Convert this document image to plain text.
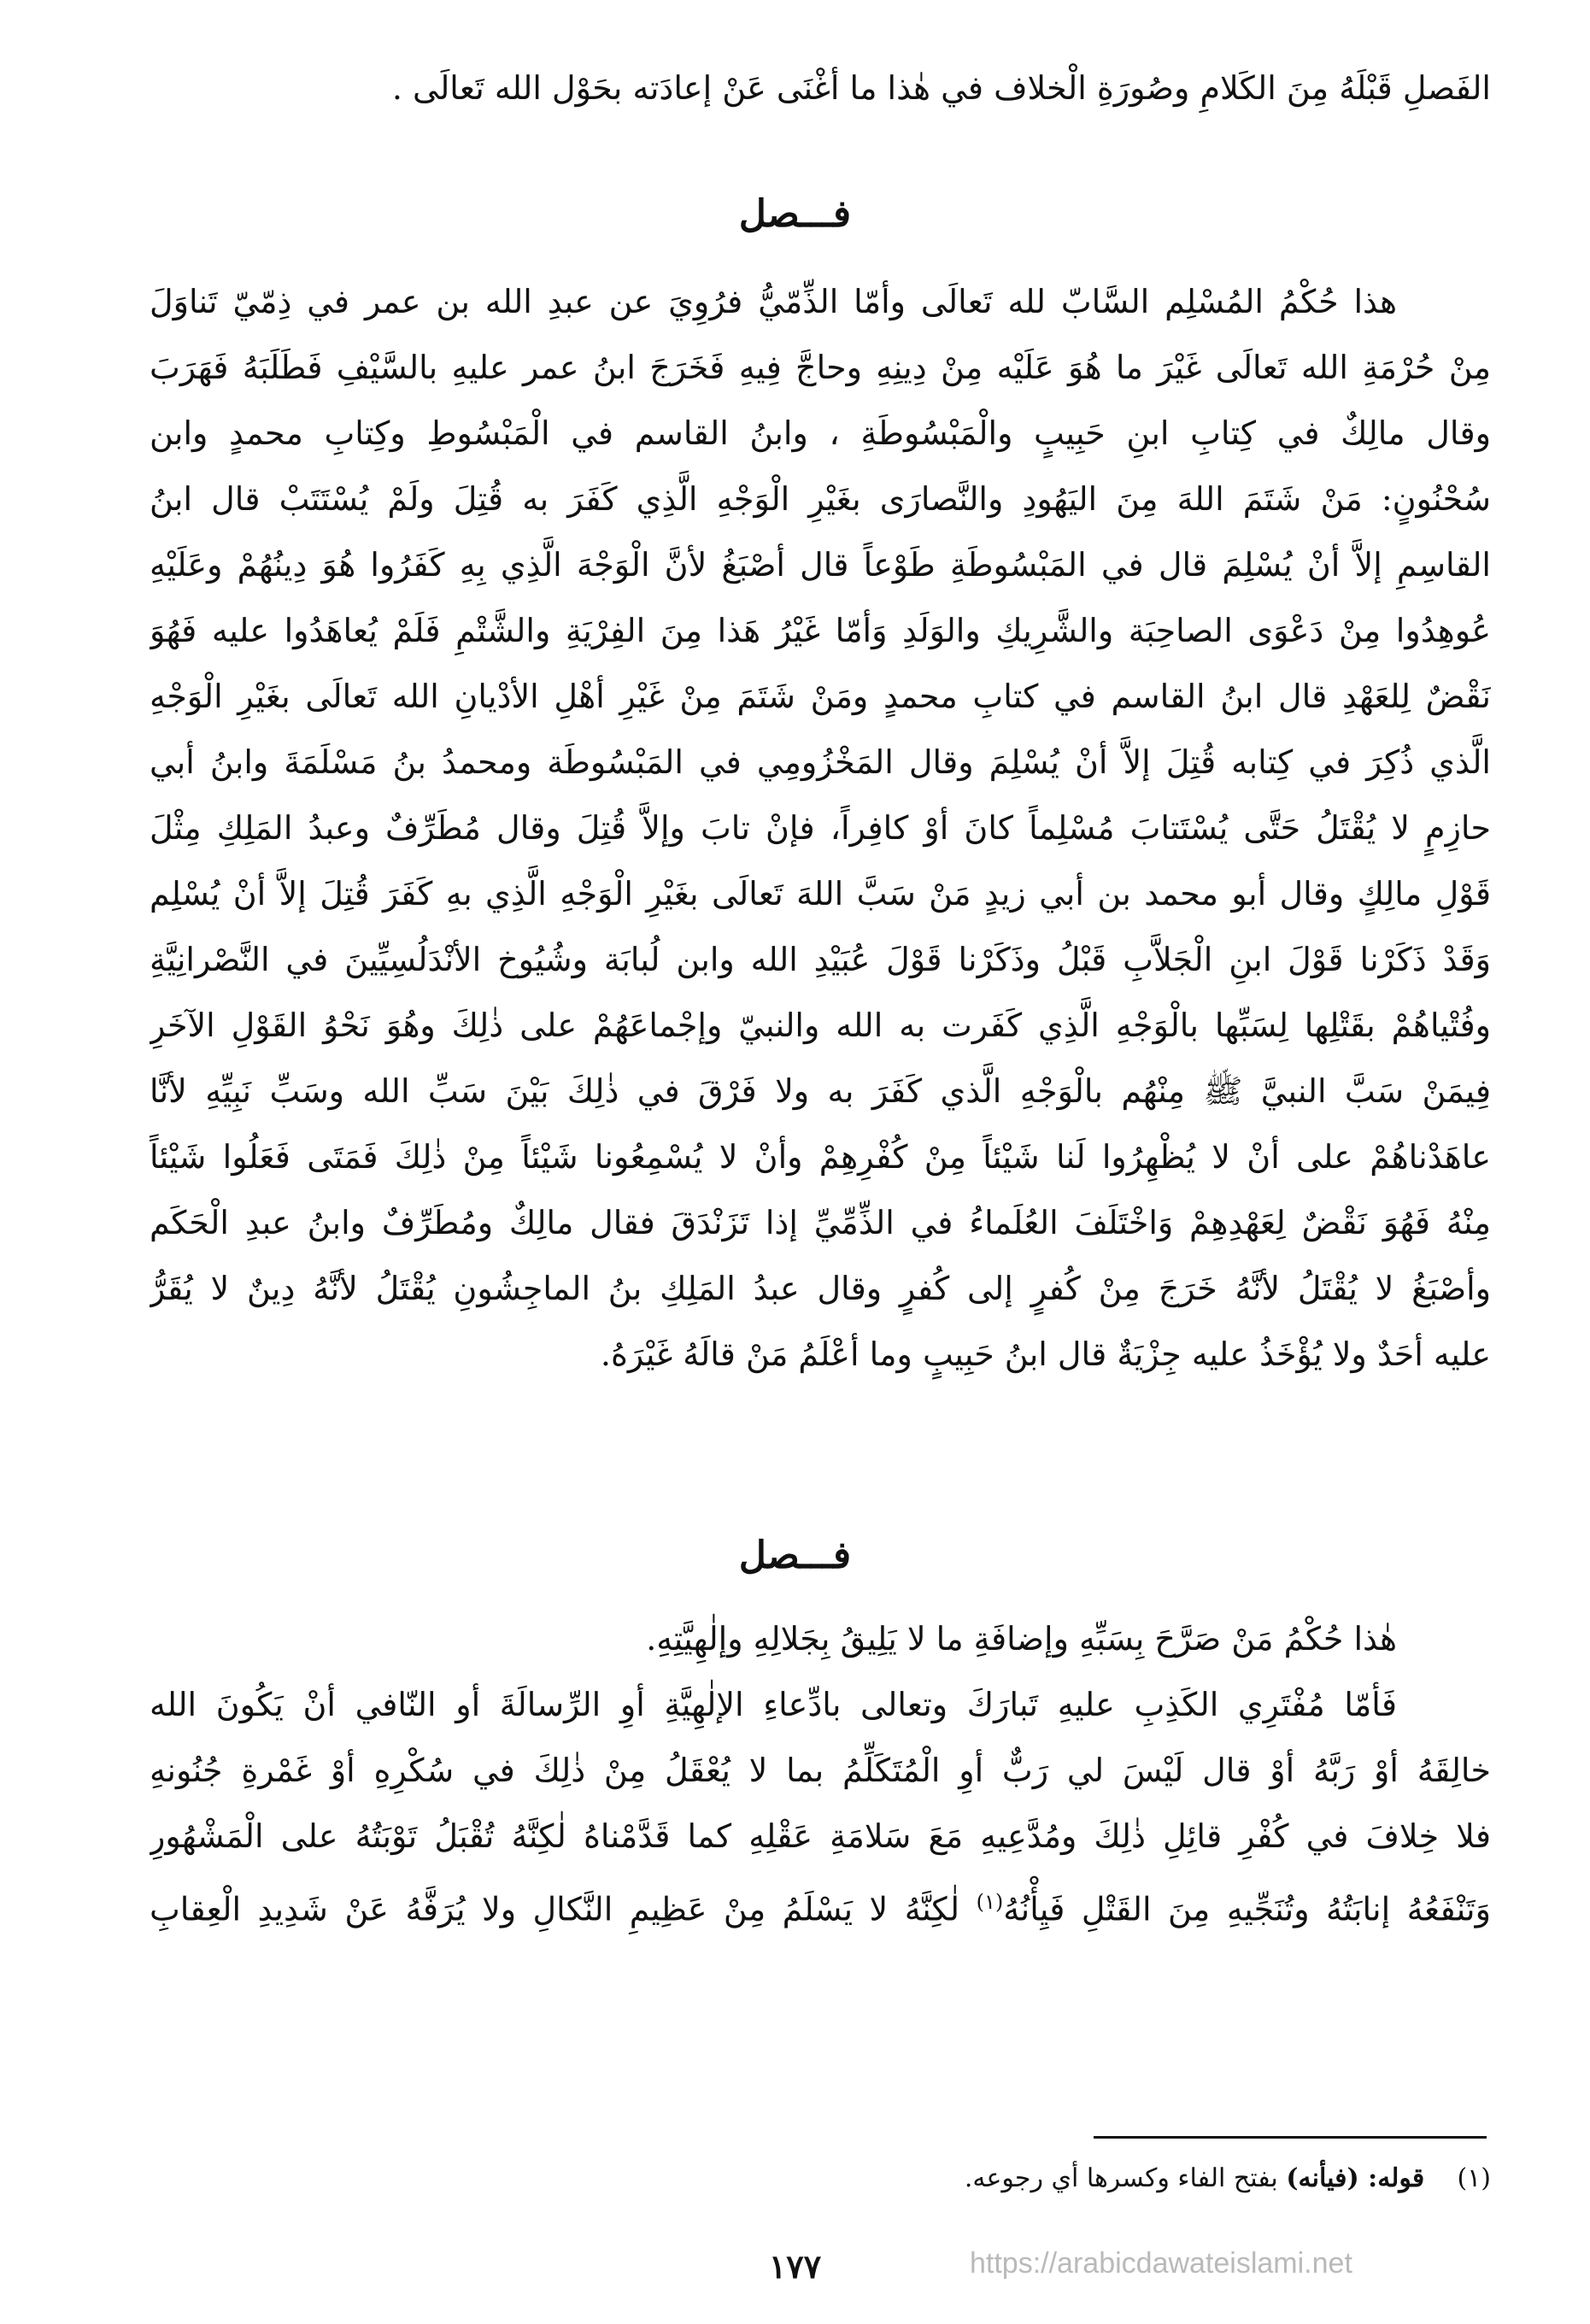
الفَصلِ قَبْلَهُ مِنَ الكَلامِ وصُورَةِ الْخلاف في هٰذا ما أغْنَى عَنْ إعادَته بحَوْل الله تَعالَى .
فـــصل
هذا حُكْمُ المُسْلِم السَّابّ لله تَعالَى وأمّا الذِّمّيُّ فرُوِيَ عن عبدِ الله بن عمر في ذِمّيّ تَناوَلَ
مِنْ حُرْمَةِ الله تَعالَى غَيْرَ ما هُوَ عَلَيْه مِنْ دِينِهِ وحاجَّ فِيهِ فَخَرَجَ ابنُ عمر عليهِ بالسَّيْفِ فَطَلَبَهُ فَهَرَبَ
وقال مالِكٌ في كِتابِ ابنِ حَبِيبٍ والْمَبْسُوطَةِ ، وابنُ القاسم في الْمَبْسُوطِ وكِتابِ محمدٍ وابن
سُحْنُونٍ: مَنْ شَتَمَ اللهَ مِنَ اليَهُودِ والنَّصارَى بغَيْرِ الْوَجْهِ الَّذِي كَفَرَ به قُتِلَ ولَمْ يُسْتَتَبْ قال ابنُ
القاسِمِ إلاَّ أنْ يُسْلِمَ قال في المَبْسُوطَةِ طَوْعاً قال أصْبَغُ لأنَّ الْوَجْهَ الَّذِي بِهِ كَفَرُوا هُوَ دِينُهُمْ وعَلَيْهِ
عُوهِدُوا مِنْ دَعْوَى الصاحِبَة والشَّرِيكِ والوَلَدِ وَأمّا غَيْرُ هَذا مِنَ الفِرْيَةِ والشَّتْمِ فَلَمْ يُعاهَدُوا عليه فَهُوَ
نَقْضٌ لِلعَهْدِ قال ابنُ القاسم في كتابِ محمدٍ ومَنْ شَتَمَ مِنْ غَيْرِ أهْلِ الأدْيانِ الله تَعالَى بغَيْرِ الْوَجْهِ
الَّذي ذُكِرَ في كِتابه قُتِلَ إلاَّ أنْ يُسْلِمَ وقال المَخْزُومِي في المَبْسُوطَة ومحمدُ بنُ مَسْلَمَةَ وابنُ أبي
حازِمٍ لا يُقْتَلُ حَتَّى يُسْتَتابَ مُسْلِماً كانَ أوْ كافِراً، فإنْ تابَ وإلاَّ قُتِلَ وقال مُطَرِّفٌ وعبدُ المَلِكِ مِثْلَ
قَوْلِ مالِكٍ وقال أبو محمد بن أبي زيدٍ مَنْ سَبَّ اللهَ تَعالَى بغَيْرِ الْوَجْهِ الَّذِي بهِ كَفَرَ قُتِلَ إلاَّ أنْ يُسْلِم
وَقَدْ ذَكَرْنا قَوْلَ ابنِ الْجَلاَّبِ قَبْلُ وذَكَرْنا قَوْلَ عُبَيْدِ الله وابن لُبابَة وشُيُوخ الأنْدَلُسِيِّينَ في النَّصْرانِيَّةِ
وفُتْياهُمْ بقَتْلِها لِسَبِّها بالْوَجْهِ الَّذِي كَفَرت به الله والنبيّ وإجْماعَهُمْ على ذٰلِكَ وهُوَ نَحْوُ القَوْلِ الآخَرِ
فِيمَنْ سَبَّ النبيَّ ﷺ مِنْهُم بالْوَجْهِ الَّذي كَفَرَ به ولا فَرْقَ في ذٰلِكَ بَيْنَ سَبِّ الله وسَبِّ نَبِيِّهِ لأنَّا
عاهَدْناهُمْ على أنْ لا يُظْهِرُوا لَنا شَيْئاً مِنْ كُفْرِهِمْ وأنْ لا يُسْمِعُونا شَيْئاً مِنْ ذٰلِكَ فَمَتَى فَعَلُوا شَيْئاً
مِنْهُ فَهُوَ نَقْضٌ لِعَهْدِهِمْ وَاخْتَلَفَ العُلَماءُ في الذِّمِّيِّ إذا تَزَنْدَقَ فقال مالِكٌ ومُطَرِّفٌ وابنُ عبدِ الْحَكَم
وأصْبَغُ لا يُقْتَلُ لأنَّهُ خَرَجَ مِنْ كُفرٍ إلى كُفرٍ وقال عبدُ المَلِكِ بنُ الماجِشُونِ يُقْتَلُ لأنَّهُ دِينٌ لا يُقَرُّ
عليه أحَدٌ ولا يُؤْخَذُ عليه جِزْيَةٌ قال ابنُ حَبِيبٍ وما أعْلَمُ مَنْ قالَهُ غَيْرَهُ.
فـــصل
هٰذا حُكْمُ مَنْ صَرَّحَ بِسَبِّهِ وإضافَةِ ما لا يَلِيقُ بِجَلالِهِ وإلٰهِيَّتِهِ.
فَأمّا مُفْتَرِي الكَذِبِ عليهِ تَبارَكَ وتعالى بادِّعاءِ الإلٰهِيَّةِ أوِ الرِّسالَةَ أو النّافي أنْ يَكُونَ الله
خالِقَهُ أوْ رَبَّهُ أوْ قال لَيْسَ لي رَبٌّ أوِ الْمُتَكَلِّمُ بما لا يُعْقَلُ مِنْ ذٰلِكَ في سُكْرِهِ أوْ غَمْرةِ جُنُونهِ
فلا خِلافَ في كُفْرِ قائِلِ ذٰلِكَ ومُدَّعِيهِ مَعَ سَلامَةِ عَقْلِهِ كما قَدَّمْناهُ لٰكِنَّهُ تُقْبَلُ تَوْبَتُهُ على الْمَشْهُورِ
وَتَنْفَعُهُ إنابَتُهُ وتُنَجِّيهِ مِنَ القَتْلِ فَيِأْنُهُ$^{(١)}$ لٰكِنَّهُ لا يَسْلَمُ مِنْ عَظِيمِ النَّكالِ ولا يُرَفَّهُ عَنْ شَدِيدِ الْعِقابِ
(١)    قوله: (فيأنه) بفتح الفاء وكسرها أي رجوعه.
١٧٧	https://arabicdawateislami.net
